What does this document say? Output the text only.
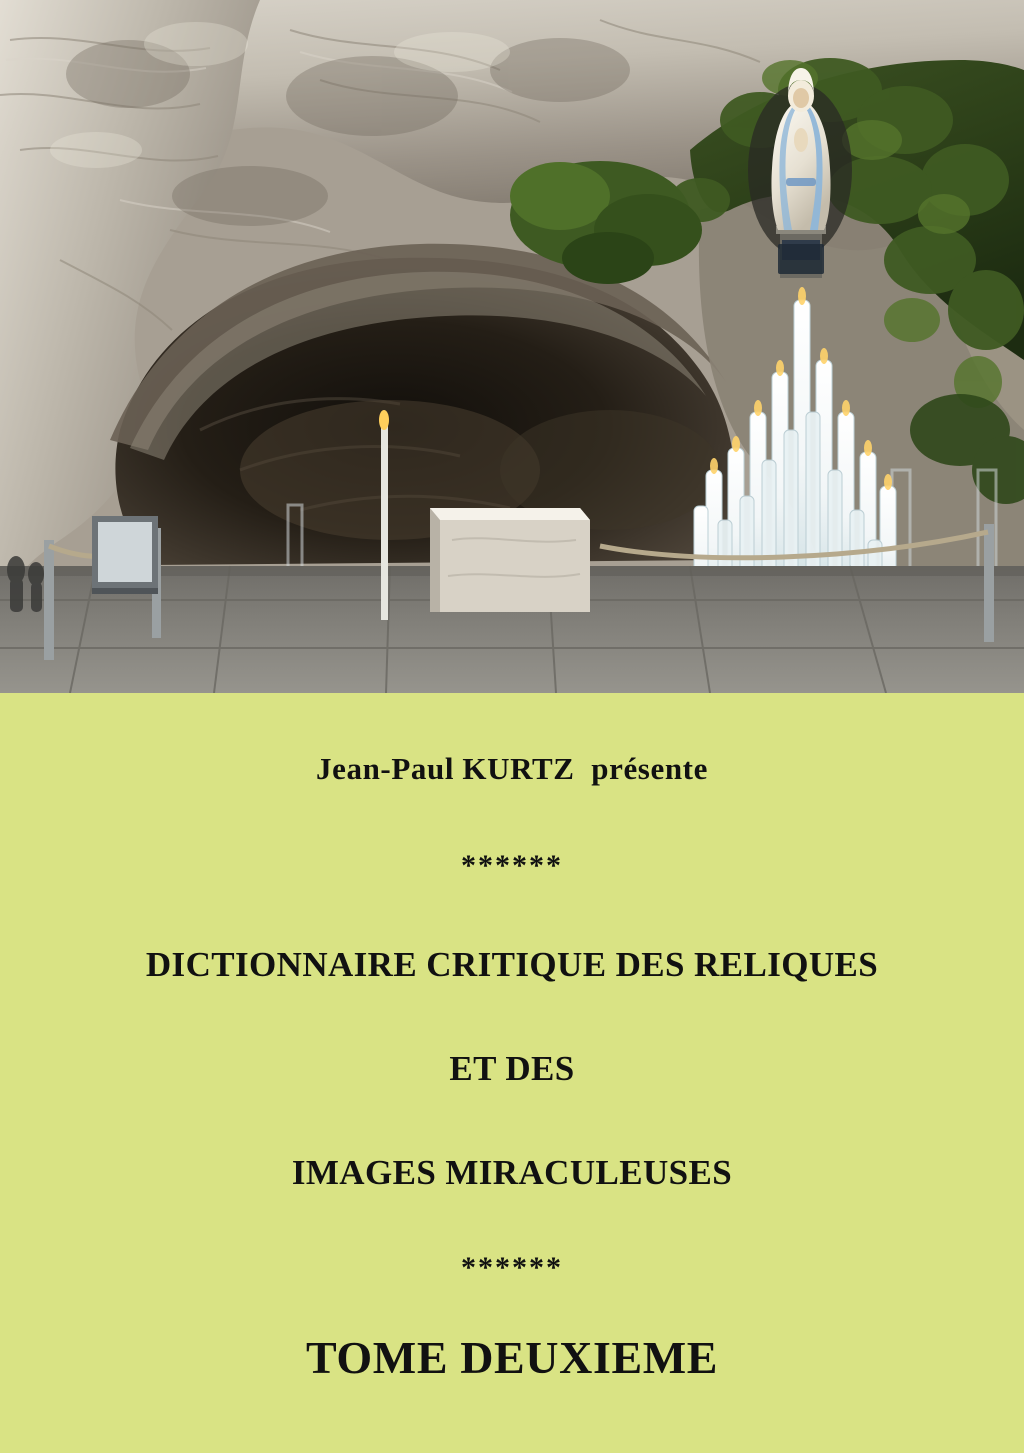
Jean-Paul KURTZ  présente
******
DICTIONNAIRE CRITIQUE DES RELIQUES
ET DES
IMAGES MIRACULEUSES
******
TOME DEUXIEME
